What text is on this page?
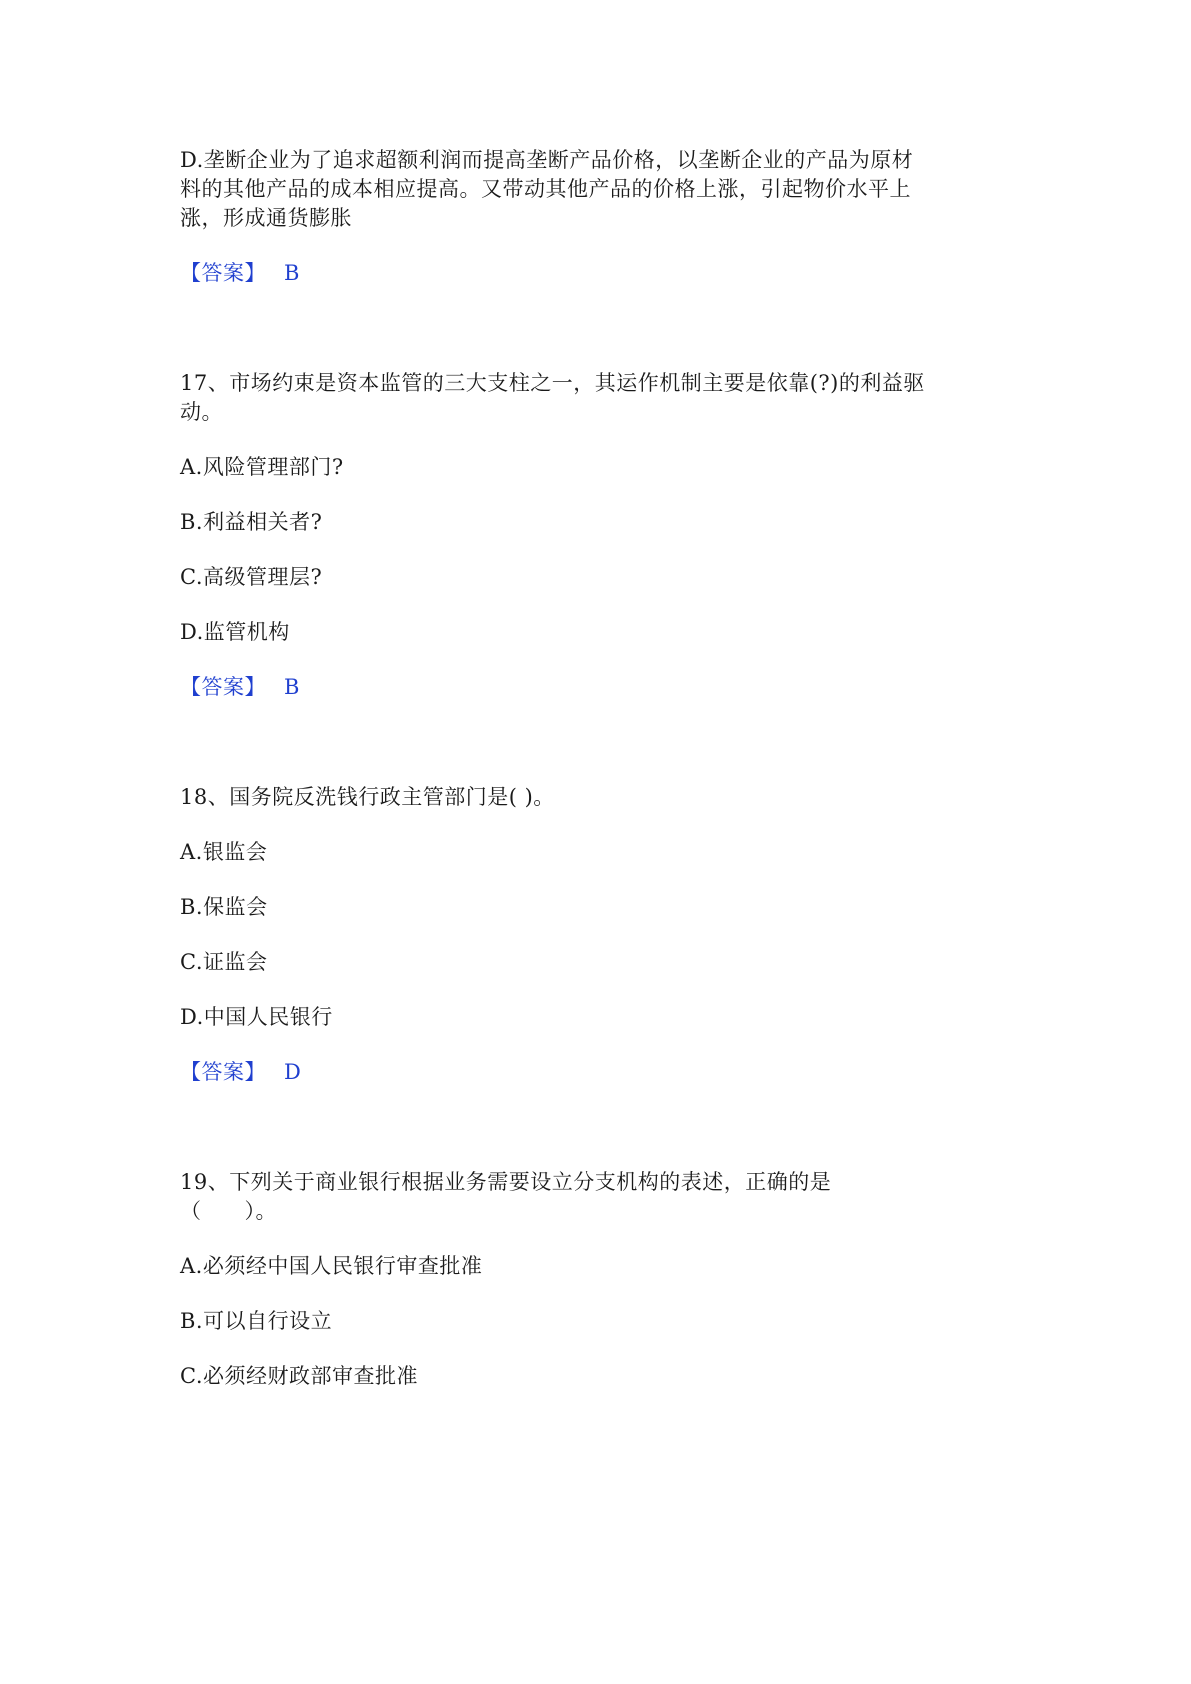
D.垄断企业为了追求超额利润而提高垄断产品价格，以垄断企业的产品为原材
料的其他产品的成本相应提高。又带动其他产品的价格上涨，引起物价水平上
涨，形成通货膨胀
【答案】 B
17、市场约束是资本监管的三大支柱之一，其运作机制主要是依靠(?)的利益驱
动。
A.风险管理部门?
B.利益相关者?
C.高级管理层?
D.监管机构
【答案】 B
18、国务院反洗钱行政主管部门是( )。
A.银监会
B.保监会
C.证监会
D.中国人民银行
【答案】 D
19、下列关于商业银行根据业务需要设立分支机构的表述，正确的是
（　　）。
A.必须经中国人民银行审查批准
B.可以自行设立
C.必须经财政部审查批准
